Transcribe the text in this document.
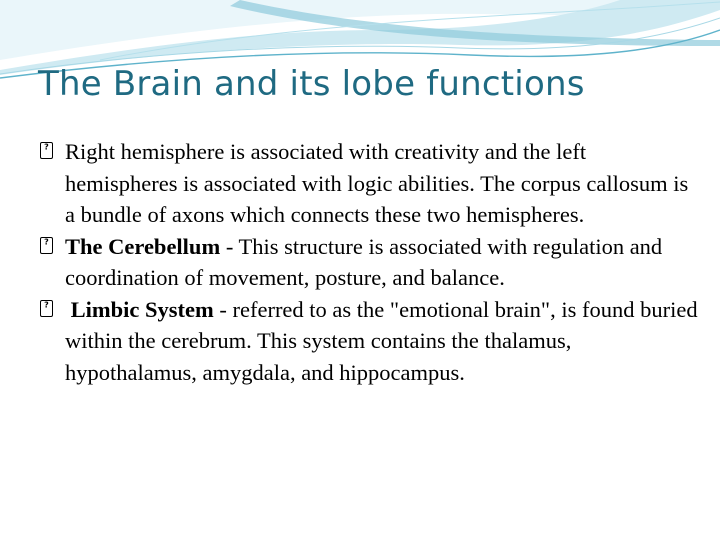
The Brain and its lobe functions

? Right hemisphere is associated with creativity and the left hemispheres is associated with logic abilities. The corpus callosum is a bundle of axons which connects these two hemispheres.

? The Cerebellum - This structure is associated with regulation and coordination of movement, posture, and balance.

? Limbic System - referred to as the "emotional brain", is found buried within the cerebrum. This system contains the thalamus, hypothalamus, amygdala, and hippocampus.
